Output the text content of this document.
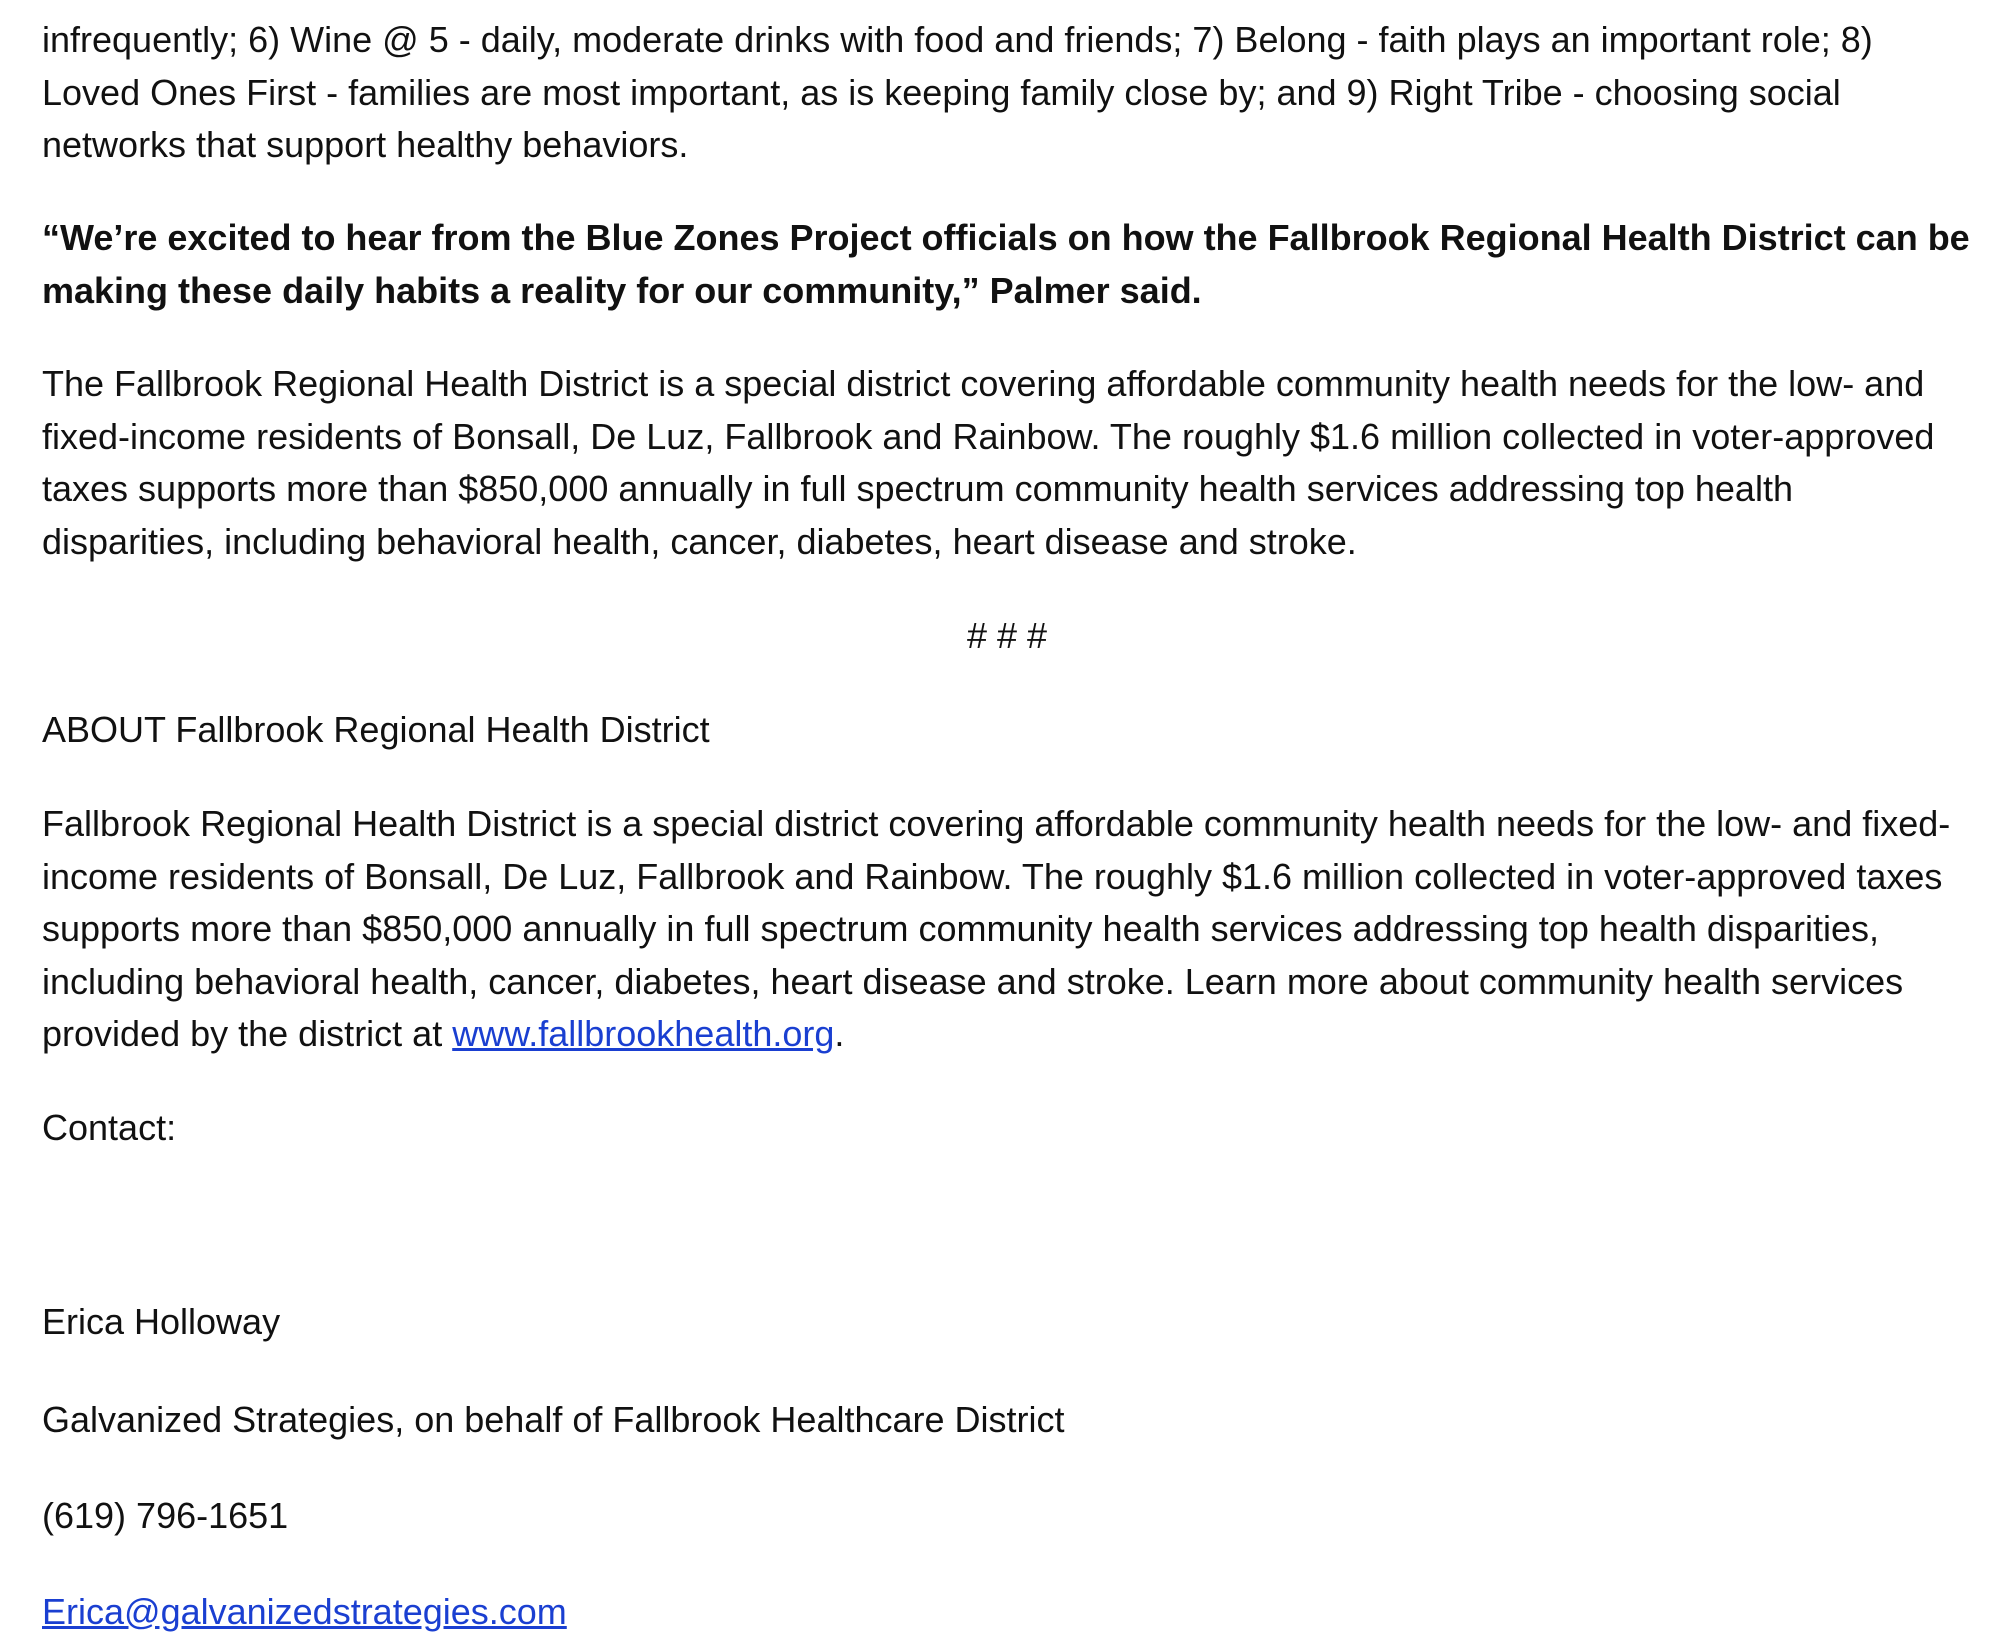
infrequently; 6) Wine @ 5 - daily, moderate drinks with food and friends; 7) Belong - faith plays an important role; 8) Loved Ones First - families are most important, as is keeping family close by; and 9) Right Tribe - choosing social networks that support healthy behaviors.

“We’re excited to hear from the Blue Zones Project officials on how the Fallbrook Regional Health District can be making these daily habits a reality for our community,” Palmer said.

The Fallbrook Regional Health District is a special district covering affordable community health needs for the low- and fixed-income residents of Bonsall, De Luz, Fallbrook and Rainbow. The roughly $1.6 million collected in voter-approved taxes supports more than $850,000 annually in full spectrum community health services addressing top health disparities, including behavioral health, cancer, diabetes, heart disease and stroke.

# # #

ABOUT Fallbrook Regional Health District

Fallbrook Regional Health District is a special district covering affordable community health needs for the low- and fixed-income residents of Bonsall, De Luz, Fallbrook and Rainbow. The roughly $1.6 million collected in voter-approved taxes supports more than $850,000 annually in full spectrum community health services addressing top health disparities, including behavioral health, cancer, diabetes, heart disease and stroke. Learn more about community health services provided by the district at www.fallbrookhealth.org.

Contact:

Erica Holloway

Galvanized Strategies, on behalf of Fallbrook Healthcare District

(619) 796-1651

Erica@galvanizedstrategies.com
